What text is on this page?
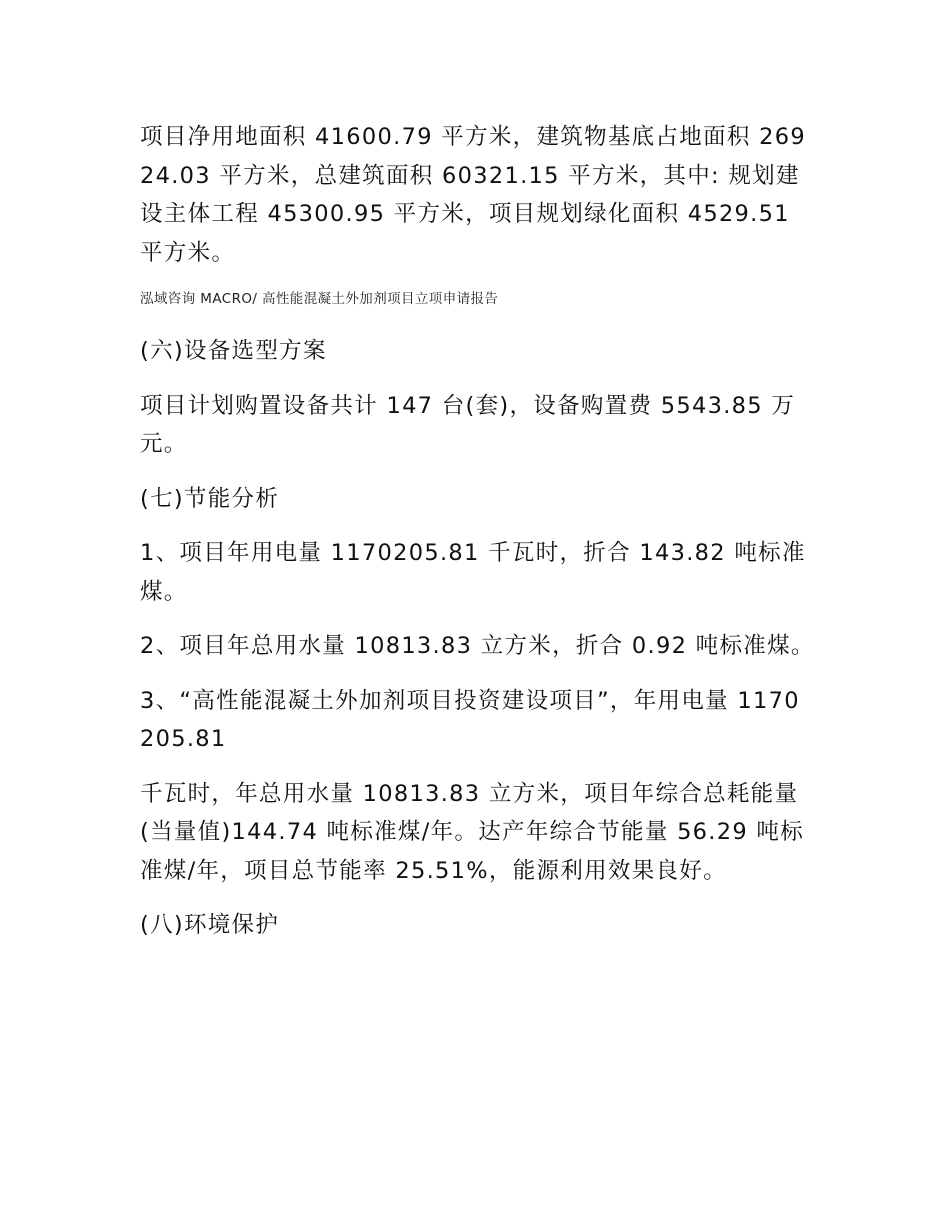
项目净用地面积 41600.79 平方米，建筑物基底占地面积 26924.03 平方米，总建筑面积 60321.15 平方米，其中: 规划建设主体工程 45300.95 平方米，项目规划绿化面积 4529.51 平方米。

泓域咨询 MACRO/ 高性能混凝土外加剂项目立项申请报告

(六)设备选型方案

项目计划购置设备共计 147 台(套)，设备购置费 5543.85 万元。

(七)节能分析

1、项目年用电量 1170205.81 千瓦时，折合 143.82 吨标准煤。

2、项目年总用水量 10813.83 立方米，折合 0.92 吨标准煤。

3、“高性能混凝土外加剂项目投资建设项目”，年用电量 1170205.81

千瓦时，年总用水量 10813.83 立方米，项目年综合总耗能量(当量值)144.74 吨标准煤/年。达产年综合节能量 56.29 吨标准煤/年，项目总节能率 25.51%，能源利用效果良好。

(八)环境保护
